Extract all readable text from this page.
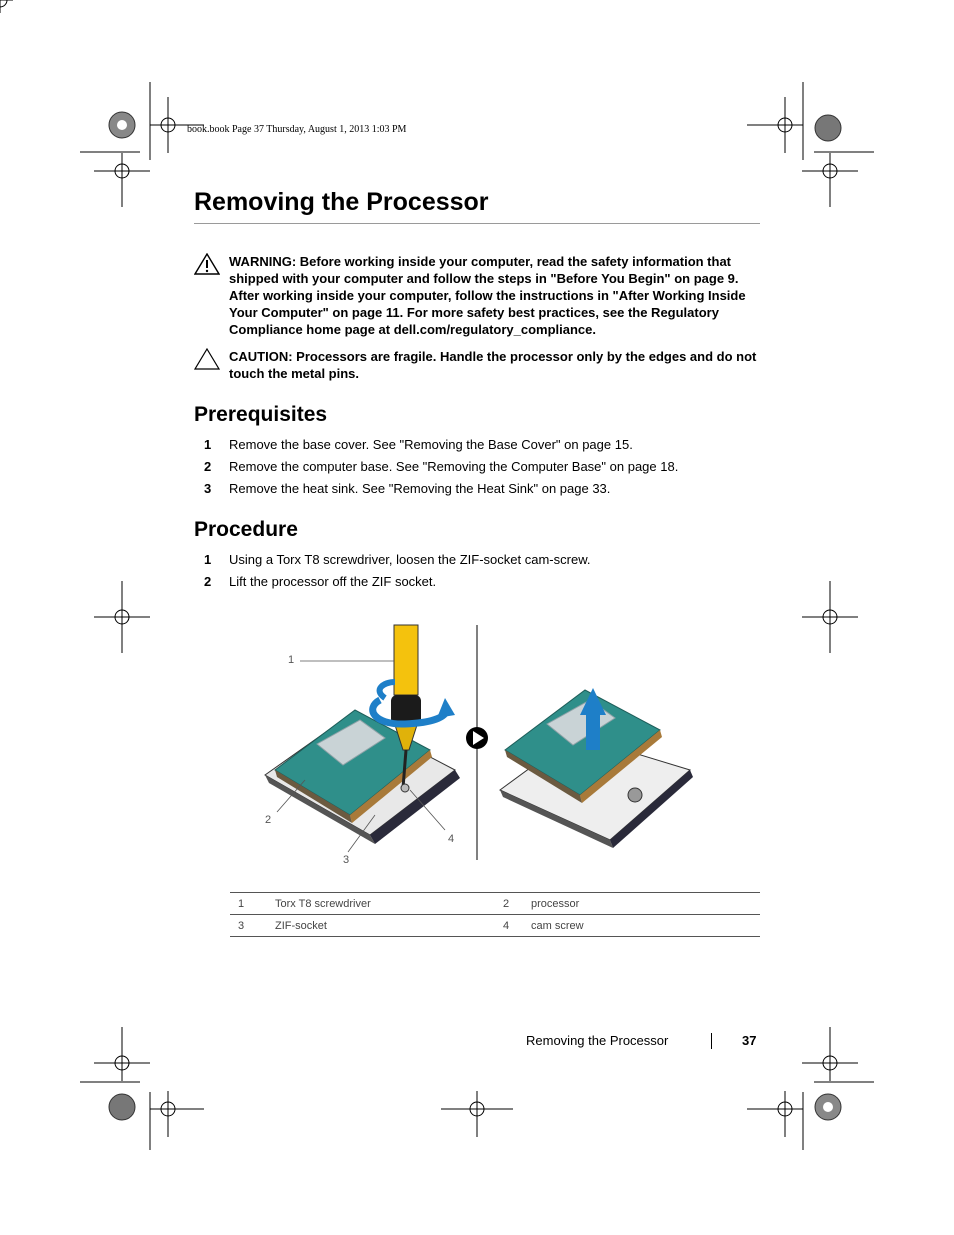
book.book Page 37 Thursday, August 1, 2013 1:03 PM
Removing the Processor
WARNING: Before working inside your computer, read the safety information that shipped with your computer and follow the steps in "Before You Begin" on page 9. After working inside your computer, follow the instructions in "After Working Inside Your Computer" on page 11. For more safety best practices, see the Regulatory Compliance home page at dell.com/regulatory_compliance.
CAUTION: Processors are fragile. Handle the processor only by the edges and do not touch the metal pins.
Prerequisites
1	Remove the base cover. See "Removing the Base Cover" on page 15.
2	Remove the computer base. See "Removing the Computer Base" on page 18.
3	Remove the heat sink. See "Removing the Heat Sink" on page 33.
Procedure
1	Using a Torx T8 screwdriver, loosen the ZIF-socket cam-screw.
2	Lift the processor off the ZIF socket.
1
2
3
4
1	Torx T8 screwdriver	2	processor
3	ZIF-socket	4	cam screw
Removing the Processor	37
